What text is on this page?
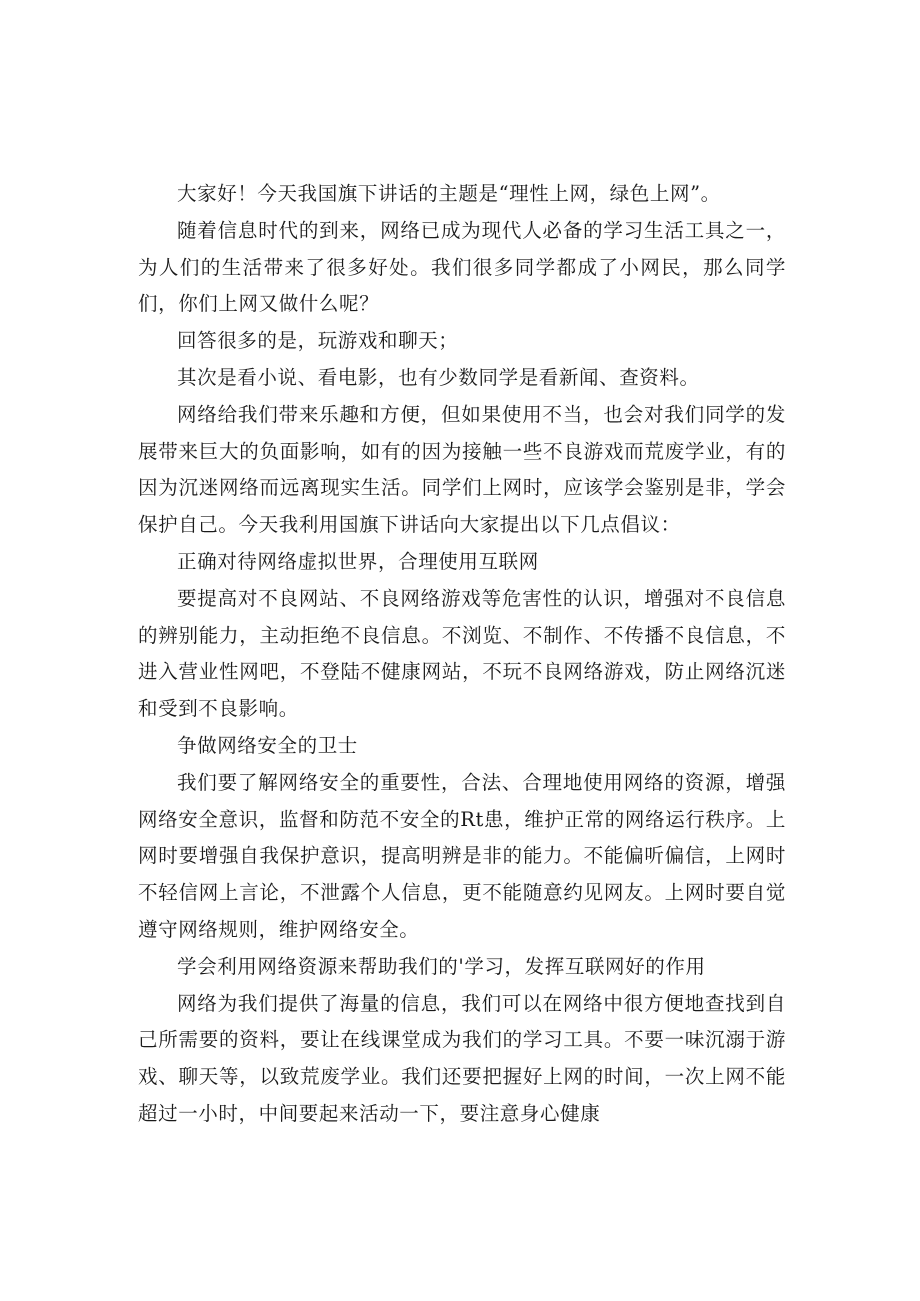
大家好！今天我国旗下讲话的主题是“理性上网，绿色上网”。

随着信息时代的到来，网络已成为现代人必备的学习生活工具之一，为人们的生活带来了很多好处。我们很多同学都成了小网民，那么同学们，你们上网又做什么呢？

回答很多的是，玩游戏和聊天；

其次是看小说、看电影，也有少数同学是看新闻、查资料。

网络给我们带来乐趣和方便，但如果使用不当，也会对我们同学的发展带来巨大的负面影响，如有的因为接触一些不良游戏而荒废学业，有的因为沉迷网络而远离现实生活。同学们上网时，应该学会鉴别是非，学会保护自己。今天我利用国旗下讲话向大家提出以下几点倡议：

正确对待网络虚拟世界，合理使用互联网

要提高对不良网站、不良网络游戏等危害性的认识，增强对不良信息的辨别能力，主动拒绝不良信息。不浏览、不制作、不传播不良信息，不进入营业性网吧，不登陆不健康网站，不玩不良网络游戏，防止网络沉迷和受到不良影响。

争做网络安全的卫士

我们要了解网络安全的重要性，合法、合理地使用网络的资源，增强网络安全意识，监督和防范不安全的Rt患，维护正常的网络运行秩序。上网时要增强自我保护意识，提高明辨是非的能力。不能偏听偏信，上网时不轻信网上言论，不泄露个人信息，更不能随意约见网友。上网时要自觉遵守网络规则，维护网络安全。

学会利用网络资源来帮助我们的'学习，发挥互联网好的作用

网络为我们提供了海量的信息，我们可以在网络中很方便地查找到自己所需要的资料，要让在线课堂成为我们的学习工具。不要一味沉溺于游戏、聊天等，以致荒废学业。我们还要把握好上网的时间，一次上网不能超过一小时，中间要起来活动一下，要注意身心健康
